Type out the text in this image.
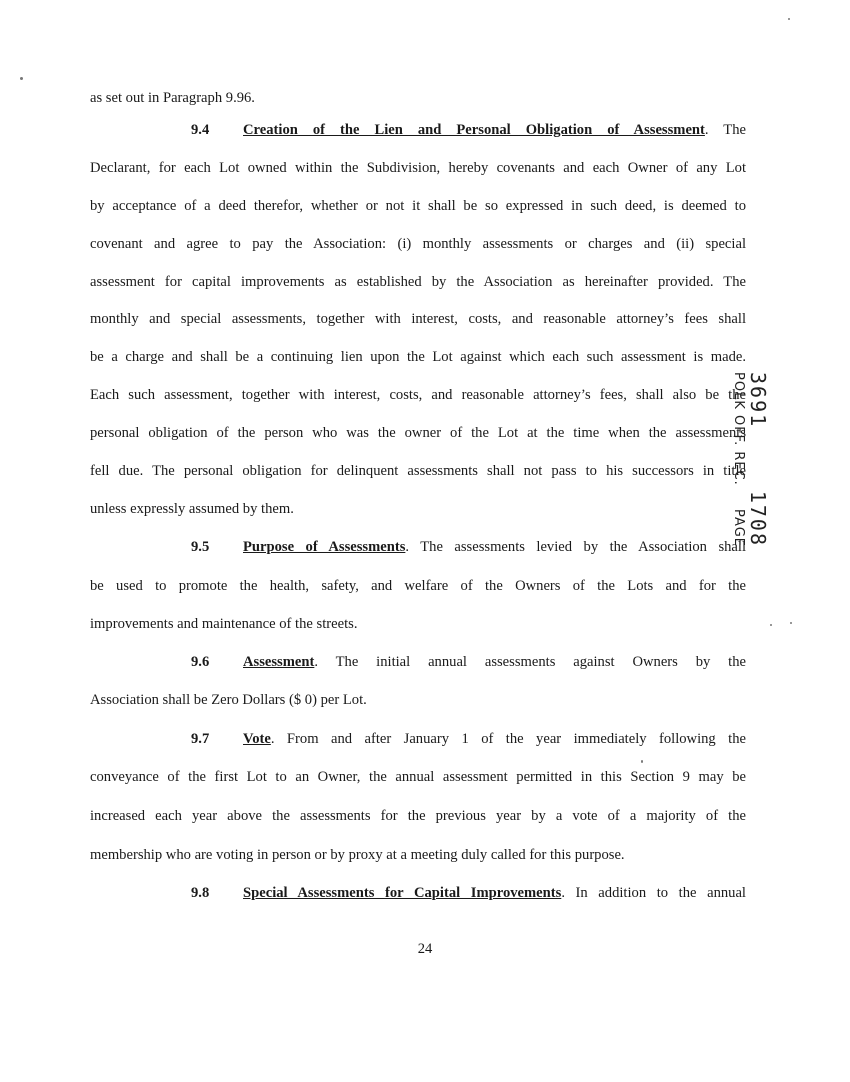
as set out in Paragraph 9.96.
9.4 Creation of the Lien and Personal Obligation of Assessment. The
Declarant, for each Lot owned within the Subdivision, hereby covenants and each Owner of any Lot
by acceptance of a deed therefor, whether or not it shall be so expressed in such deed, is deemed to
covenant and agree to pay the Association: (i) monthly assessments or charges and (ii) special
assessment for capital improvements as established by the Association as hereinafter provided. The
monthly and special assessments, together with interest, costs, and reasonable attorney’s fees shall
be a charge and shall be a continuing lien upon the Lot against which each such assessment is made.
Each such assessment, together with interest, costs, and reasonable attorney’s fees, shall also be the
personal obligation of the person who was the owner of the Lot at the time when the assessments
fell due. The personal obligation for delinquent assessments shall not pass to his successors in title
unless expressly assumed by them.
9.5 Purpose of Assessments. The assessments levied by the Association shall
be used to promote the health, safety, and welfare of the Owners of the Lots and for the
improvements and maintenance of the streets.
9.6 Assessment. The initial annual assessments against Owners by the
Association shall be Zero Dollars ($ 0) per Lot.
9.7 Vote. From and after January 1 of the year immediately following the
conveyance of the first Lot to an Owner, the annual assessment permitted in this Section 9 may be
increased each year above the assessments for the previous year by a vote of a majority of the
membership who are voting in person or by proxy at a meeting duly called for this purpose.
9.8 Special Assessments for Capital Improvements. In addition to the annual
24
3691
1708
POLK OFF. REC.
PAGE
